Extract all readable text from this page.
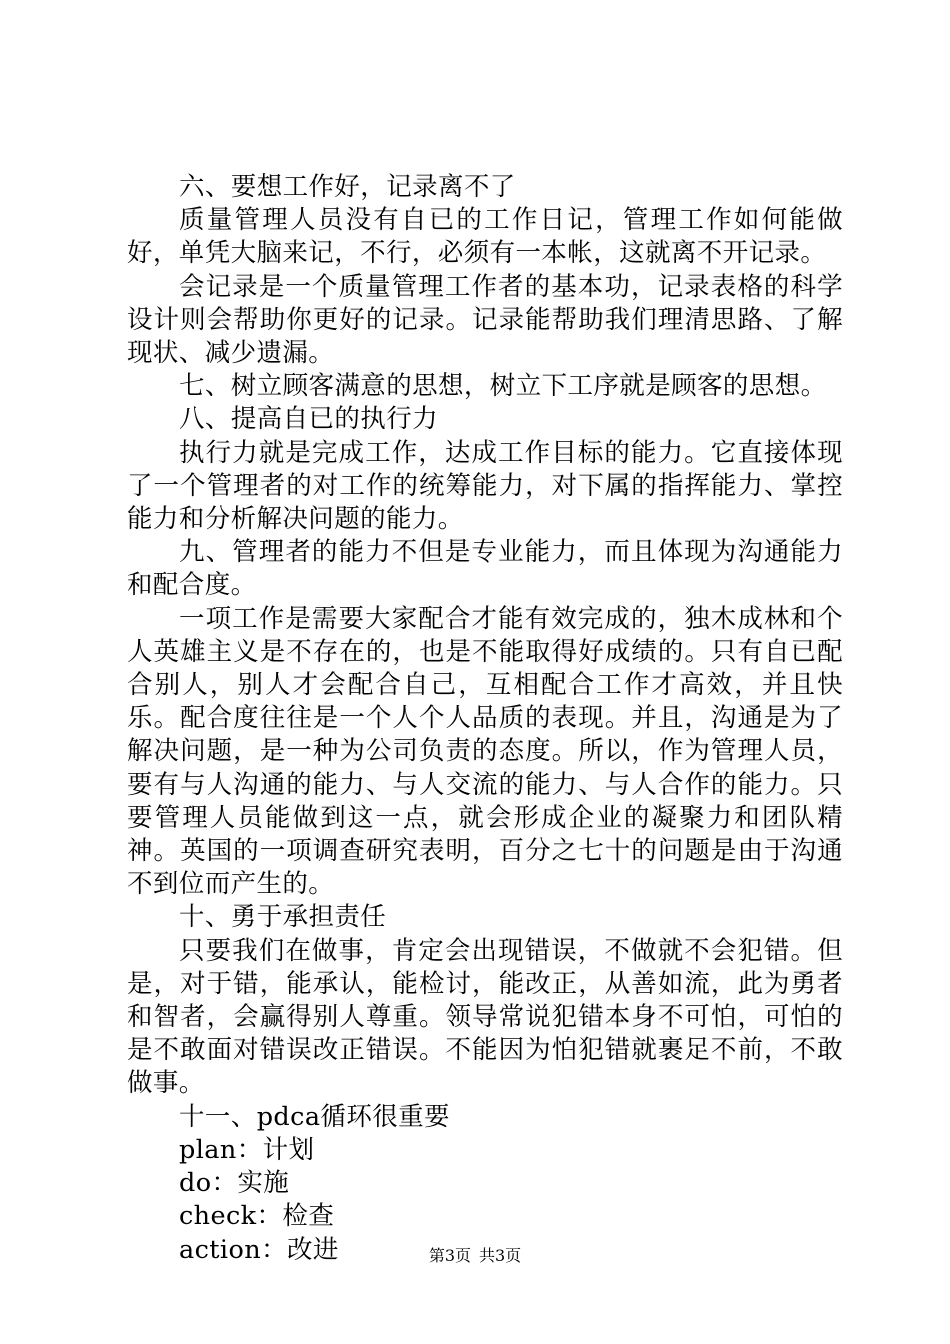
六、要想工作好，记录离不了

质量管理人员没有自已的工作日记，管理工作如何能做好，单凭大脑来记，不行，必须有一本帐，这就离不开记录。

会记录是一个质量管理工作者的基本功，记录表格的科学设计则会帮助你更好的记录。记录能帮助我们理清思路、了解现状、减少遗漏。

七、树立顾客满意的思想，树立下工序就是顾客的思想。

八、提高自已的执行力

执行力就是完成工作，达成工作目标的能力。它直接体现了一个管理者的对工作的统筹能力，对下属的指挥能力、掌控能力和分析解决问题的能力。

九、管理者的能力不但是专业能力，而且体现为沟通能力和配合度。

一项工作是需要大家配合才能有效完成的，独木成林和个人英雄主义是不存在的，也是不能取得好成绩的。只有自已配合别人，别人才会配合自己，互相配合工作才高效，并且快乐。配合度往往是一个人个人品质的表现。并且，沟通是为了解决问题，是一种为公司负责的态度。所以，作为管理人员，要有与人沟通的能力、与人交流的能力、与人合作的能力。只要管理人员能做到这一点，就会形成企业的凝聚力和团队精神。英国的一项调查研究表明，百分之七十的问题是由于沟通不到位而产生的。

十、勇于承担责任

只要我们在做事，肯定会出现错误，不做就不会犯错。但是，对于错，能承认，能检讨，能改正，从善如流，此为勇者和智者，会赢得别人尊重。领导常说犯错本身不可怕，可怕的是不敢面对错误改正错误。不能因为怕犯错就裹足不前，不敢做事。

十一、pdca循环很重要

plan：计划

do：实施

check：检查

action：改进	第3页 共3页
